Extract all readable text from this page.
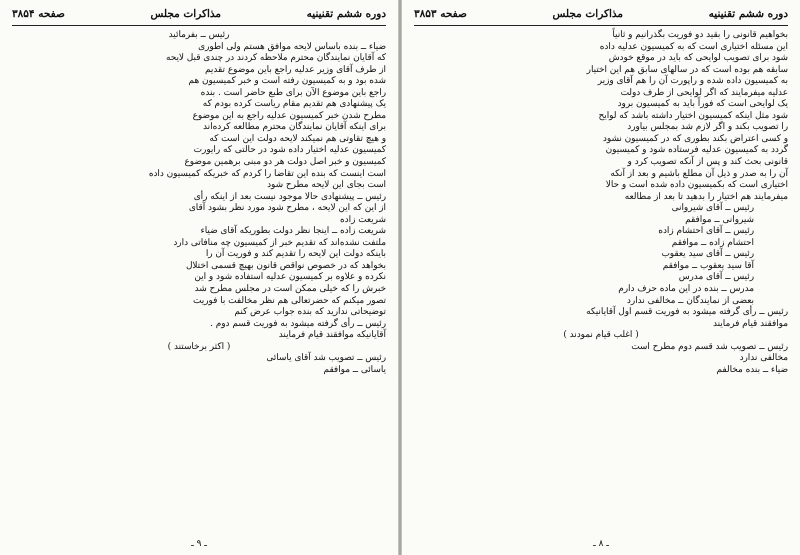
دوره ششم تقنینیه
مذاکرات مجلس
صفحه ۳۸۵۴

رئیس ــ بفرمائید

ضیاء ــ بنده باساس لایحه موافق هستم ولی اطوری

که آقایان نمایندگان محترم ملاحظه کردند در چندی قبل لایحه

از طرف آقای وزیر عدلیه راجع باین موضوع تقدیم

شده بود و به کمیسیون رفته است و خبر کمیسیون هم

راجع باین موضوع الآن برای طبع حاضر است . بنده

یک پیشنهادی هم تقدیم مقام ریاست کرده بودم که

مطرح شدن خبر کمیسیون عدلیه راجع به این موضوع

برای اینکه آقایان نمایندگان محترم مطالعه کرده‌اند

و هیچ تقاوتی هم نمیکند لایحه دولت این است که

کمیسیون عدلیه اختیار داده شود در حالتی که رایورت

کمیسیون و خبر اصل دولت هر دو مبنی برهمین موضوع

است اینست که بنده این تقاضا را کردم که خبریکه کمیسیون داده

است بجای این لایحه مطرح شود

رئیس ــ پیشنهادی حالا موجود نیست بعد از اینکه رأی

از این که این لایحه ، مطرح شود مورد نظر بشود آقای

شریعت زاده

شریعت زاده ــ اینجا نظر دولت بطوریکه آقای ضیاء

ملتفت نشده‌اند که تقدیم خبر از کمیسیون چه منافاتی دارد

باینکه دولت این لایحه را تقدیم کند و فوریت آن را

بخواهد که در خصوص نواقص قانون بهیچ قسمی اختلال

نکرده و علاوه بر کمیسیون عدلیه استفاده شود و این

خبرش را که خیلی ممکن است در مجلس مطرح شد

تصور میکنم که حضرتعالی هم نظر مخالفت با فوریت

توضیحاتی ندارید که بنده جواب عرض کنم

رئیس ــ رأی گرفته میشود به فوریت قسم دوم .

آقایانیکه موافقند قیام فرمایند

( اکثر برخاستند )

رئیس ــ تصویب شد آقای یاسائی

یاسائی ــ موافقم

ـ ۹ ـ
دوره ششم تقنینیه
مذاکرات مجلس
صفحه ۳۸۵۳

بخواهیم قانونی را بقید دو فوریت بگذرانیم و ثانیاً

این مسئله اختیاری است که به کمیسیون عدلیه داده

شود برای تصویب لوایحی که باید در موقع خودش

سابقه هم بوده است که در سالهای سابق هم این اختیار

به کمیسیون داده شده و راپورت آن را هم آقای وزیر

عدلیه میفرمایند که اگر لوایحی از طرف دولت

یک لوایحی است که فوراً باید به کمیسیون برود

شود مثل اینکه کمیسیون اختیار داشته باشد که لوایح

را تصویب بکند و اگر لازم شد بمجلس بیاورد

و کسی اعتراض بکند بطوری که در کمیسیون نشود

گردد به کمیسیون عدلیه فرستاده شود و کمیسیون

قانونی بحث کند و پس از آنکه تصویب کرد و

آن را به صدر و ذیل آن مطلع باشیم و بعد از آنکه

اختیاری است که بکمیسیون داده شده است و حالا

میفرمایند هم اختیار را بدهید تا بعد از مطالعه

رئیس ــ آقای شیروانی

شیروانی ــ موافقم

رئیس ــ آقای احتشام زاده

احتشام زاده ــ موافقم

رئیس ــ آقای سید یعقوب

آقا سید یعقوب ــ موافقم

رئیس ــ آقای مدرس

مدرس ــ بنده در این ماده حرف دارم

بعضی از نمایندگان ــ مخالفی ندارد

رئیس ــ رأی گرفته میشود به فوریت قسم اول آقایانیکه

موافقند قیام فرمایند

( اغلب قیام نمودند )

رئیس ــ تصویب شد قسم دوم مطرح است

مخالفی ندارد

ضیاء ــ بنده مخالفم

ـ ۸ ـ
